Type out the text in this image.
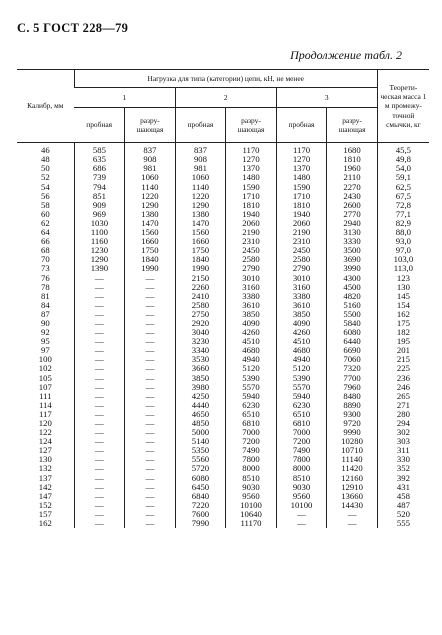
С. 5 ГОСТ 228—79
Продолжение табл. 2
Калибр, мм	Нагрузка для типа (категории) цепи, кН, не менее						Теорети- ческая масса 1 м промежу- точной смычки, кг
	1		2		3		
	пробная	разру- шающая	пробная	разру- шающая	пробная	разру- шающая	
46	585	837	837	1170	1170	1680	45,5
48	635	908	908	1270	1270	1810	49,8
50	686	981	981	1370	1370	1960	54,0
52	739	1060	1060	1480	1480	2110	59,1
54	794	1140	1140	1590	1590	2270	62,5
56	851	1220	1220	1710	1710	2430	67,5
58	909	1290	1290	1810	1810	2600	72,8
60	969	1380	1380	1940	1940	2770	77,1
62	1030	1470	1470	2060	2060	2940	82,9
64	1100	1560	1560	2190	2190	3130	88,0
66	1160	1660	1660	2310	2310	3330	93,0
68	1230	1750	1750	2450	2450	3500	97,0
70	1290	1840	1840	2580	2580	3690	103,0
73	1390	1990	1990	2790	2790	3990	113,0
76	—	—	2150	3010	3010	4300	123
78	—	—	2260	3160	3160	4500	130
81	—	—	2410	3380	3380	4820	145
84	—	—	2580	3610	3610	5160	154
87	—	—	2750	3850	3850	5500	162
90	—	—	2920	4090	4090	5840	175
92	—	—	3040	4260	4260	6080	182
95	—	—	3230	4510	4510	6440	195
97	—	—	3340	4680	4680	6690	201
100	—	—	3530	4940	4940	7060	215
102	—	—	3660	5120	5120	7320	225
105	—	—	3850	5390	5390	7700	236
107	—	—	3980	5570	5570	7960	246
111	—	—	4250	5940	5940	8480	265
114	—	—	4440	6230	6230	8890	271
117	—	—	4650	6510	6510	9300	280
120	—	—	4850	6810	6810	9720	294
122	—	—	5000	7000	7000	9990	302
124	—	—	5140	7200	7200	10280	303
127	—	—	5350	7490	7490	10710	311
130	—	—	5560	7800	7800	11140	330
132	—	—	5720	8000	8000	11420	352
137	—	—	6080	8510	8510	12160	392
142	—	—	6450	9030	9030	12910	431
147	—	—	6840	9560	9560	13660	458
152	—	—	7220	10100	10100	14430	487
157	—	—	7600	10640	—	—	520
162	—	—	7990	11170	—	—	555
